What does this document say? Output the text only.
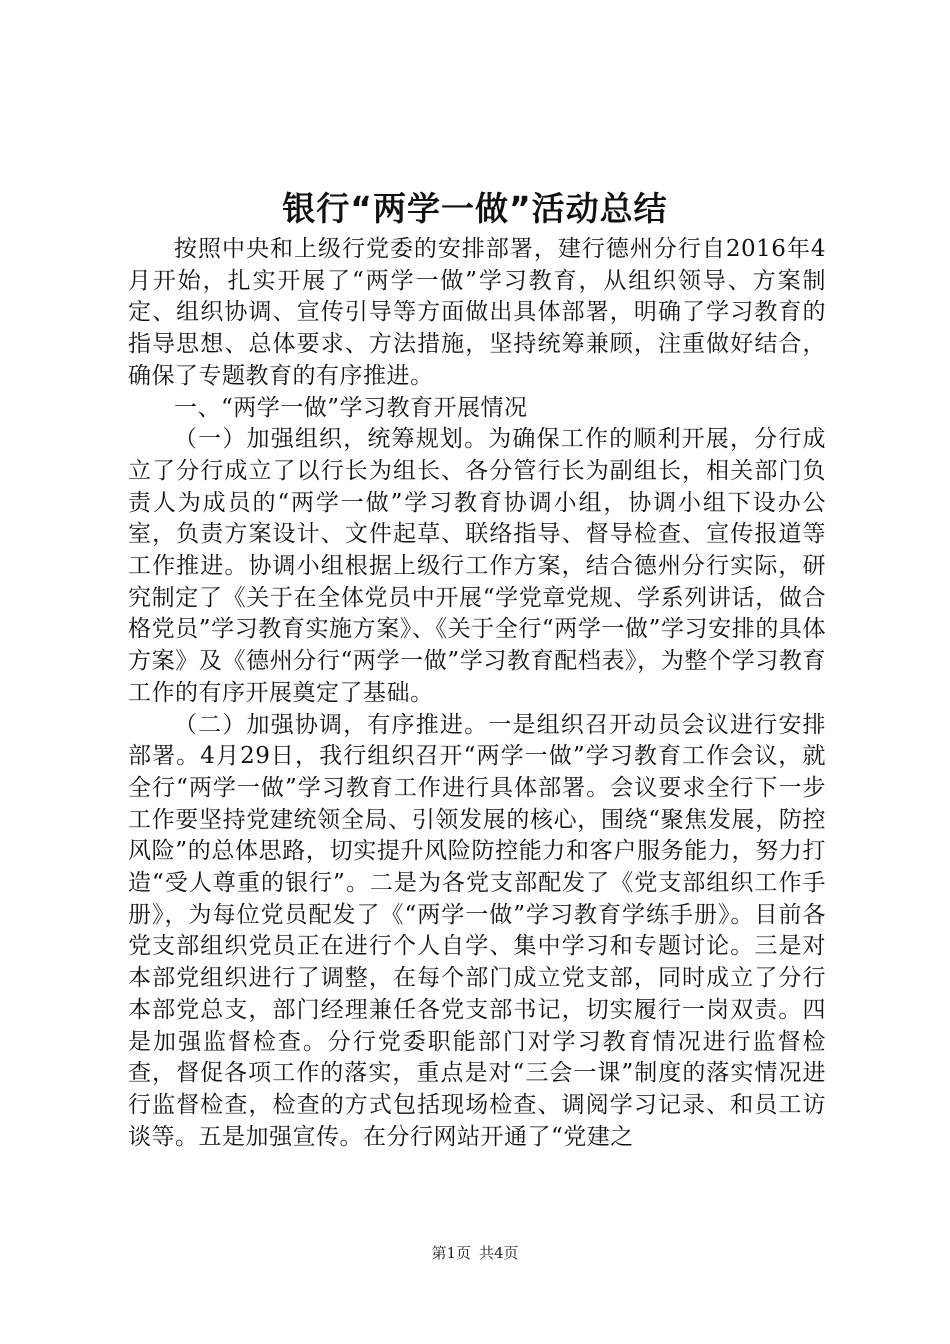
银行“两学一做”活动总结

按照中央和上级行党委的安排部署，建行德州分行自2016年4月开始，扎实开展了“两学一做”学习教育，从组织领导、方案制定、组织协调、宣传引导等方面做出具体部署，明确了学习教育的指导思想、总体要求、方法措施，坚持统筹兼顾，注重做好结合，确保了专题教育的有序推进。

一、“两学一做”学习教育开展情况

（一）加强组织，统筹规划。为确保工作的顺利开展，分行成立了分行成立了以行长为组长、各分管行长为副组长，相关部门负责人为成员的“两学一做”学习教育协调小组，协调小组下设办公室，负责方案设计、文件起草、联络指导、督导检查、宣传报道等工作推进。协调小组根据上级行工作方案，结合德州分行实际，研究制定了《关于在全体党员中开展“学党章党规、学系列讲话，做合格党员”学习教育实施方案》、《关于全行“两学一做”学习安排的具体方案》及《德州分行“两学一做”学习教育配档表》，为整个学习教育工作的有序开展奠定了基础。

（二）加强协调，有序推进。一是组织召开动员会议进行安排部署。4月29日，我行组织召开“两学一做”学习教育工作会议，就全行“两学一做”学习教育工作进行具体部署。会议要求全行下一步工作要坚持党建统领全局、引领发展的核心，围绕“聚焦发展，防控风险”的总体思路，切实提升风险防控能力和客户服务能力，努力打造“受人尊重的银行”。二是为各党支部配发了《党支部组织工作手册》，为每位党员配发了《“两学一做”学习教育学练手册》。目前各党支部组织党员正在进行个人自学、集中学习和专题讨论。三是对本部党组织进行了调整，在每个部门成立党支部，同时成立了分行本部党总支，部门经理兼任各党支部书记，切实履行一岗双责。四是加强监督检查。分行党委职能部门对学习教育情况进行监督检查，督促各项工作的落实，重点是对“三会一课”制度的落实情况进行监督检查，检查的方式包括现场检查、调阅学习记录、和员工访谈等。五是加强宣传。在分行网站开通了“党建之

第1页 共4页
